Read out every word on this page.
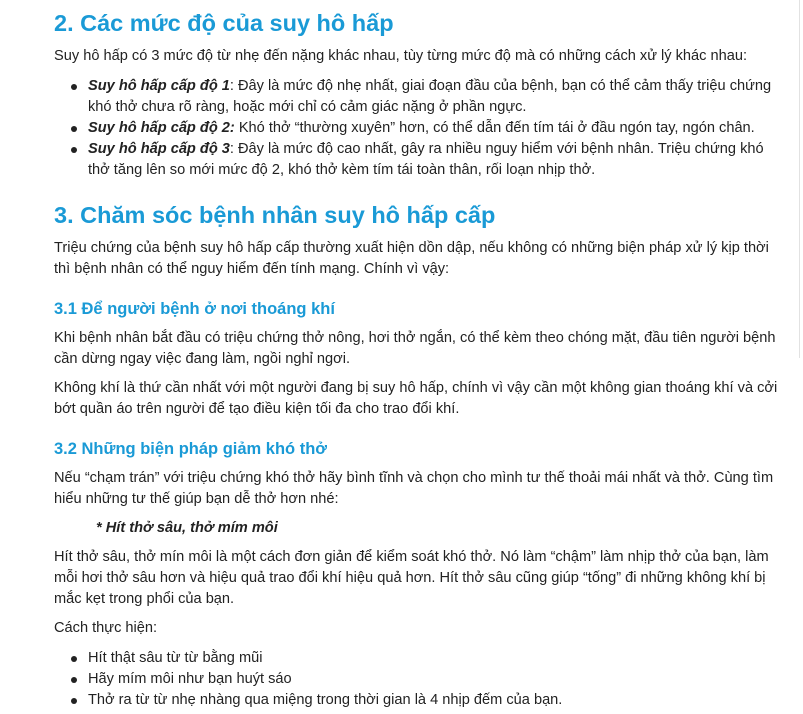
2. Các mức độ của suy hô hấp

Suy hô hấp có 3 mức độ từ nhẹ đến nặng khác nhau, tùy từng mức độ mà có những cách xử lý khác nhau:

Suy hô hấp cấp độ 1: Đây là mức độ nhẹ nhất, giai đoạn đầu của bệnh, bạn có thể cảm thấy triệu chứng khó thở chưa rõ ràng, hoặc mới chỉ có cảm giác nặng ở phần ngực.
Suy hô hấp cấp độ 2: Khó thở “thường xuyên” hơn, có thể dẫn đến tím tái ở đầu ngón tay, ngón chân.
Suy hô hấp cấp độ 3: Đây là mức độ cao nhất, gây ra nhiều nguy hiểm với bệnh nhân. Triệu chứng khó thở tăng lên so mới mức độ 2, khó thở kèm tím tái toàn thân, rối loạn nhịp thở.
3. Chăm sóc bệnh nhân suy hô hấp cấp

Triệu chứng của bệnh suy hô hấp cấp thường xuất hiện dồn dập, nếu không có những biện pháp xử lý kịp thời thì bệnh nhân có thể nguy hiểm đến tính mạng. Chính vì vậy:

3.1 Để người bệnh ở nơi thoáng khí

Khi bệnh nhân bắt đầu có triệu chứng thở nông, hơi thở ngắn, có thể kèm theo chóng mặt, đầu tiên người bệnh cần dừng ngay việc đang làm, ngồi nghỉ ngơi.

Không khí là thứ cần nhất với một người đang bị suy hô hấp, chính vì vậy cần một không gian thoáng khí và cởi bớt quần áo trên người để tạo điều kiện tối đa cho trao đổi khí.

3.2 Những biện pháp giảm khó thở

Nếu “chạm trán” với triệu chứng khó thở hãy bình tĩnh và chọn cho mình tư thế thoải mái nhất và thở. Cùng tìm hiểu những tư thế giúp bạn dễ thở hơn nhé:

* Hít thở sâu, thở mím môi

Hít thở sâu, thở mín môi là một cách đơn giản để kiểm soát khó thở. Nó làm “chậm” làm nhịp thở của bạn, làm mỗi hơi thở sâu hơn và hiệu quả trao đổi khí hiệu quả hơn. Hít thở sâu cũng giúp “tống” đi những không khí bị mắc kẹt trong phổi của bạn.

Cách thực hiện:

Hít thật sâu từ từ bằng mũi
Hãy mím môi như bạn huýt sáo
Thở ra từ từ nhẹ nhàng qua miệng trong thời gian là 4 nhịp đếm của bạn.
